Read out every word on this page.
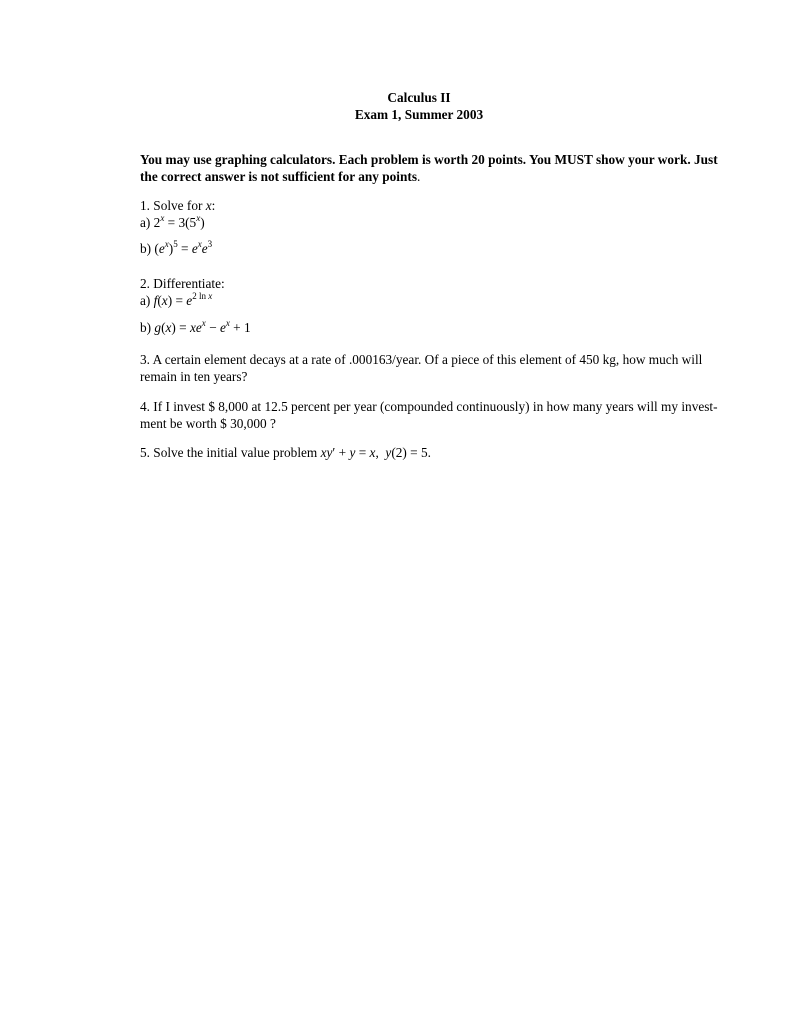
Calculus II
Exam 1, Summer 2003
You may use graphing calculators. Each problem is worth 20 points. You MUST show your work. Just
the correct answer is not sufficient for any points.
1. Solve for x:
a) $2^x = 3(5^x)$
b) $(e^x)^5 = e^xe^3$
2. Differentiate:
a) $f(x) = e^{2 ln x}$
b) $g(x) = xe^x - e^x + 1$
3. A certain element decays at a rate of .000163/year. Of a piece of this element of 450 kg, how much will
remain in ten years?
4. If I invest $ 8,000 at 12.5 percent per year (compounded continuously) in how many years will my invest-
ment be worth $ 30,000 ?
5. Solve the initial value problem xy′ + y = x,  y(2) = 5.
